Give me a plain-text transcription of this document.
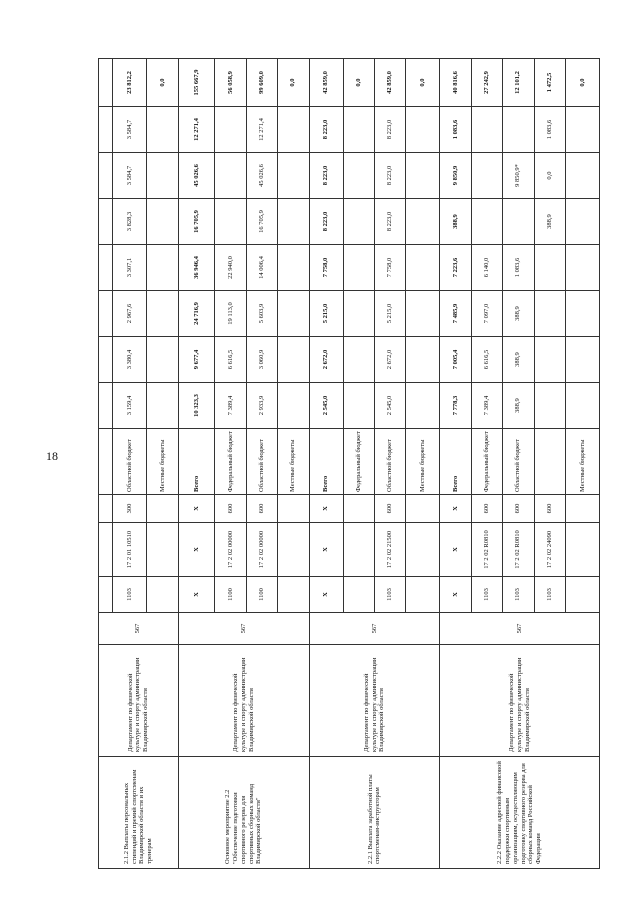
18
2.1.2 Выплаты персональных стипендий и премий спортсменам Владимирской области и их тренерам	Департамент по физической культуре и спорту администрации Владимирской области	567												
			1103	17 2 01 10510	300	Областной бюджет	3 159,4	3 380,4	2 967,6	3 307,1	3 828,3	3 584,7	3 584,7	23 812,2
						Местные бюджеты								0,0
Основное мероприятие 2.2 "Обеспечение подготовки спортивного резерва для спортивных сборных команд Владимирской области"	Департамент по физической культуре и спорту администрации Владимирской области	567	Х	Х	Х	Всего	10 323,3	9 677,4	24 716,9	36 946,4	16 705,9	45 026,6	12 271,4	155 667,9
			1100	17 2 02 00000	600	Федеральный бюджет	7 389,4	6 616,5	19 113,0	22 940,0				56 058,9
			1100	17 2 02 00000	600	Областной бюджет	2 933,9	3 060,9	5 603,9	14 006,4	16 705,9	45 026,6	12 271,4	99 609,0
						Местные бюджеты								0,0
2.2.1 Выплата заработной платы спортсменам-инструкторам	Департамент по физической культуре и спорту администрации Владимирской области	567	Х	Х	Х	Всего	2 545,0	2 672,0	5 215,0	7 758,0	8 223,0	8 223,0	8 223,0	42 859,0
						Федеральный бюджет								0,0
			1103	17 2 02 21500	600	Областной бюджет	2 545,0	2 672,0	5 215,0	7 758,0	8 223,0	8 223,0	8 223,0	42 859,0
						Местные бюджеты								0,0
2.2.2 Оказание адресной финансовой поддержки спортивным организациям, осуществляющим подготовку спортивного резерва для сборных команд Российской Федерации	Департамент по физической культуре и спорту администрации Владимирской области	567	Х	Х	Х	Всего	7 778,3	7 005,4	7 485,9	7 223,6	388,9	9 850,9	1 083,6	40 816,6
			1103	17 2 02 R0810	600	Федеральный бюджет	7 389,4	6 616,5	7 097,0	6 140,0				27 242,9
			1103	17 2 02 R0810	600	Областной бюджет	388,9	388,9	388,9	1 083,6		9 850,9*		12 101,2
			1103	17 2 02 24090	600						388,9	0,0	1 083,6	1 472,5
						Местные бюджеты								0,0
